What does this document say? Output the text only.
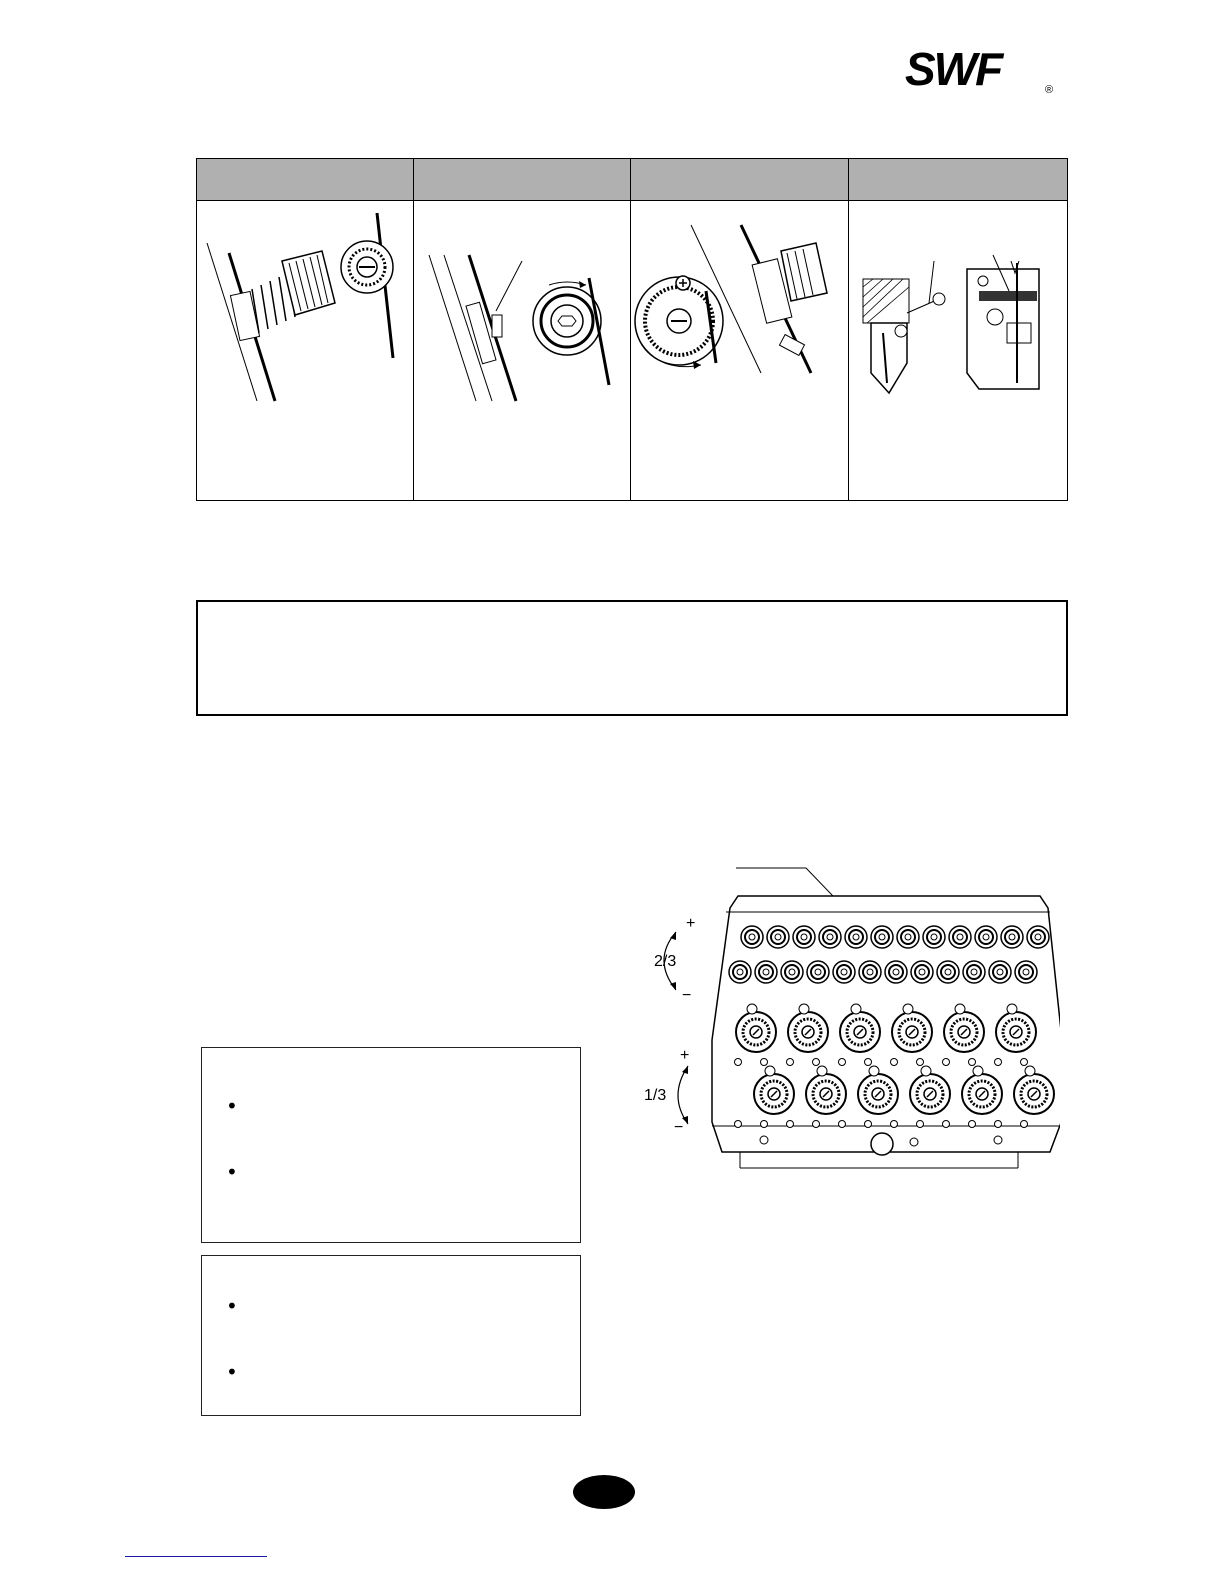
SWF	®
•
•
•
•
+
2/3
−
+
1/3
−
